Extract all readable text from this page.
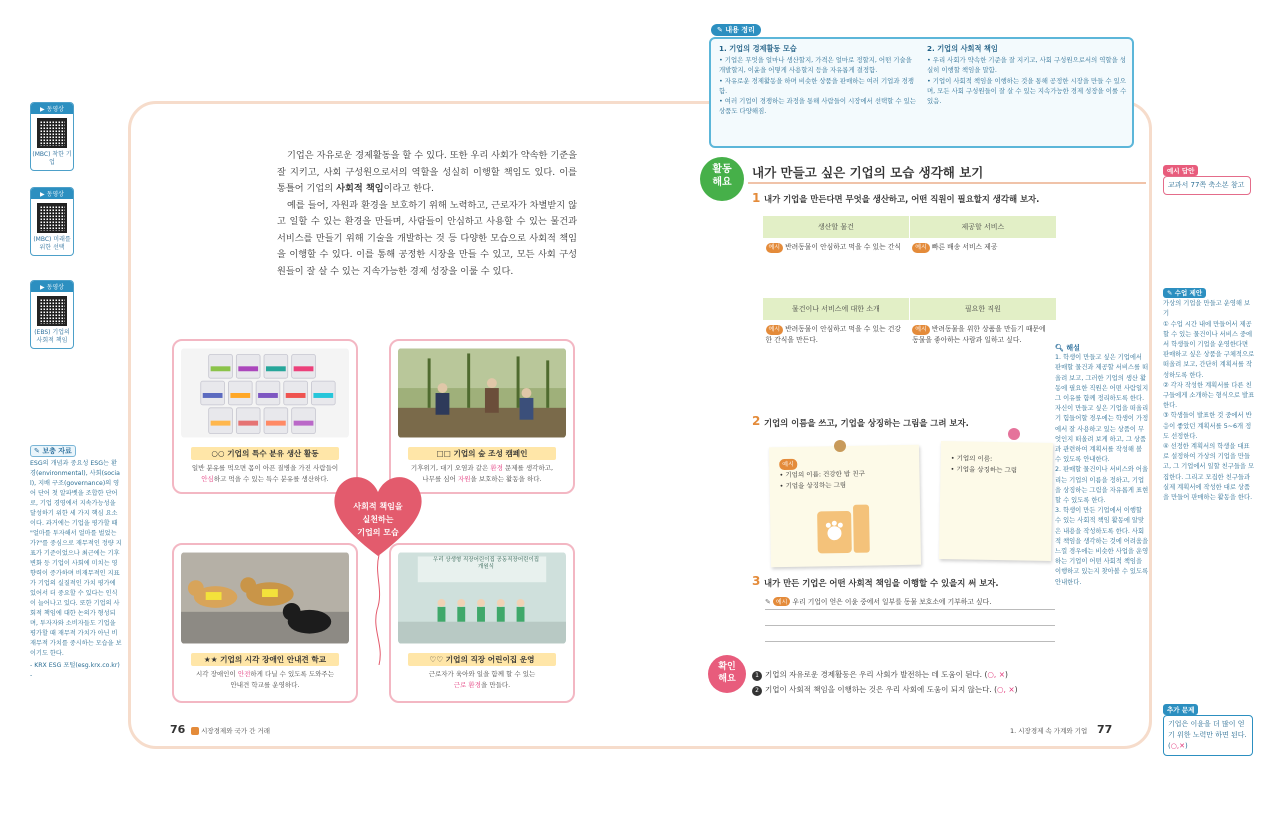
▶ 동영상
(MBC) 착한 기업
▶ 동영상
(MBC) 미래를 위한 선택
▶ 동영상
(EBS) 기업의 사회적 책임
✎ 보충 자료
ESG의 개념과 중요성 ESG는 환경(environmental), 사회(social), 지배 구조(governance)의 영어 단어 첫 알파벳을 조합한 단어로, 기업 경영에서 지속가능성을 달성하기 위한 세 가지 핵심 요소이다. 과거에는 기업을 평가할 때 "얼마를 투자해서 얼마를 벌었는가?"를 중심으로 재무적인 정량 지표가 기준이었으나 최근에는 기후변화 등 기업이 사회에 미치는 영향력이 증가하며 비재무적인 지표가 기업의 실질적인 가치 평가에 있어서 더 중요할 수 있다는 인식이 늘어나고 있다. 또한 기업의 사회적 책임에 대한 논의가 형성되며, 투자자와 소비자들도 기업을 평가할 때 재무적 가치가 아닌 비재무적 가치를 중시하는 모습을 보이기도 한다.
- KRX ESG 포털(esg.krx.co.kr) -

기업은 자유로운 경제활동을 할 수 있다. 또한 우리 사회가 약속한 기준을 잘 지키고, 사회 구성원으로서의 역할을 성실히 이행할 책임도 있다. 이를 통틀어 기업의 사회적 책임이라고 한다.

예를 들어, 자원과 환경을 보호하기 위해 노력하고, 근로자가 차별받지 않고 일할 수 있는 환경을 만들며, 사람들이 안심하고 사용할 수 있는 물건과 서비스를 만들기 위해 기술을 개발하는 것 등 다양한 모습으로 사회적 책임을 이행할 수 있다. 이를 통해 공정한 시장을 만들 수 있고, 모든 사회 구성원들이 잘 살 수 있는 지속가능한 경제 성장을 이룰 수 있다.

○○ 기업의 특수 분유 생산 활동
일반 분유를 먹으면 몸이 아픈 질병을 가진 사람들이
안심하고 먹을 수 있는 특수 분유를 생산하다.
□□ 기업의 숲 조성 캠페인
기후위기, 대기 오염과 같은 환경 문제를 생각하고,
나무를 심어 자원을 보호하는 활동을 하다.
★★ 기업의 시각 장애인 안내견 학교
시각 장애인이 안전하게 다닐 수 있도록 도와주는
안내견 학교를 운영하다.
우리 상생형 직장어린이집 공동직장어린이집 개원식
♡♡ 기업의 직장 어린이집 운영
근로자가 육아와 일을 함께 할 수 있는
근로 환경을 만들다.
사회적 책임을
실천하는
기업의 모습
76	시장경제와 국가 간 거래	1. 시장경제 속 가계와 기업 77
1. 기업의 경제활동 모습
• 기업은 무엇을 얼마나 생산할지, 가격은 얼마로 정할지, 어떤 기술을 개발할지, 이윤을 어떻게 사용할지 등을 자유롭게 결정함.
• 자유로운 경제활동을 하며 비슷한 상품을 판매하는 여러 기업과 경쟁함.
• 여러 기업이 경쟁하는 과정을 통해 사람들이 시장에서 선택할 수 있는 상품도 다양해짐.
2. 기업의 사회적 책임
• 우리 사회가 약속한 기준을 잘 지키고, 사회 구성원으로서의 역할을 성실히 이행할 책임을 말함.
• 기업이 사회적 책임을 이행하는 것을 통해 공정한 시장을 만들 수 있으며, 모든 사회 구성원들이 잘 살 수 있는 지속가능한 경제 성장을 이룰 수 있음.
✎ 내용 정리
활동
해요
내가 만들고 싶은 기업의 모습 생각해 보기
1 내가 기업을 만든다면 무엇을 생산하고, 어떤 직원이 필요할지 생각해 보자.
생산할 물건	제공할 서비스
예시 반려동물이 안심하고 먹을 수 있는 간식	예시 빠른 배송 서비스 제공
물건이나 서비스에 대한 소개	필요한 직원
예시 반려동물이 안심하고 먹을 수 있는 건강한 간식을 만든다.	예시 반려동물을 위한 상품을 만들기 때문에 동물을 좋아하는 사람과 일하고 싶다.
2 기업의 이름을 쓰고, 기업을 상징하는 그림을 그려 보자.
예시
• 기업의 이름: 건강한 밥 친구
• 기업을 상징하는 그림
• 기업의 이름:
• 기업을 상징하는 그림
3 내가 만든 기업은 어떤 사회적 책임을 이행할 수 있을지 써 보자.
✎ 예시 우리 기업이 얻은 이윤 중에서 일부를 동물 보호소에 기부하고 싶다.
🔍︎ 해설
1. 학생이 만들고 싶은 기업에서 판매할 물건과 제공할 서비스를 떠올려 보고, 그러한 기업의 생산 활동에 필요한 직원은 어떤 사람일지 그 이유를 함께 정리하도록 한다. 자신이 만들고 싶은 기업을 떠올리기 힘들어할 경우에는 학생이 가정에서 잘 사용하고 있는 상품이 무엇인지 떠올려 보게 하고, 그 상품과 관련하여 계획서를 작성해 볼 수 있도록 안내한다.
2. 판매할 물건이나 서비스와 어울리는 기업의 이름을 정하고, 기업을 상징하는 그림을 자유롭게 표현할 수 있도록 한다.
3. 학생이 만든 기업에서 이행할 수 있는 사회적 책임 활동에 알맞은 내용을 작성하도록 한다. 사회적 책임을 생각하는 것에 어려움을 느낄 경우에는 비슷한 사업을 운영하는 기업이 어떤 사회적 책임을 이행하고 있는지 찾아볼 수 있도록 안내한다.
확인
해요	1 기업의 자유로운 경제활동은 우리 사회가 발전하는 데 도움이 된다. (○, ×)
2 기업이 사회적 책임을 이행하는 것은 우리 사회에 도움이 되지 않는다. (○, ×)
예시 답안
교과서 77쪽 축소본 참고
✎ 수업 제안
가상의 기업을 만들고 운영해 보기
① 수업 시간 내에 만들어서 제공할 수 있는 물건이나 서비스 중에서 학생들이 기업을 운영한다면 판매하고 싶은 상품을 구체적으로 떠올려 보고, 간단히 계획서를 작성하도록 한다.
② 각자 작성한 계획서를 다른 친구들에게 소개하는 형식으로 발표한다.
③ 학생들이 발표한 것 중에서 반응이 좋았던 계획서를 5~6개 정도 선정한다.
④ 선정한 계획서의 학생을 대표로 설정하여 가상의 기업을 만들고, 그 기업에서 일할 친구들을 모집한다. 그리고 모집한 친구들과 실제 계획서에 작성한 대로 상품을 만들어 판매하는 활동을 한다.
추가 문제
기업은 이윤을 더 많이 얻기 위한 노력만 하면 된다. (○,✕)
